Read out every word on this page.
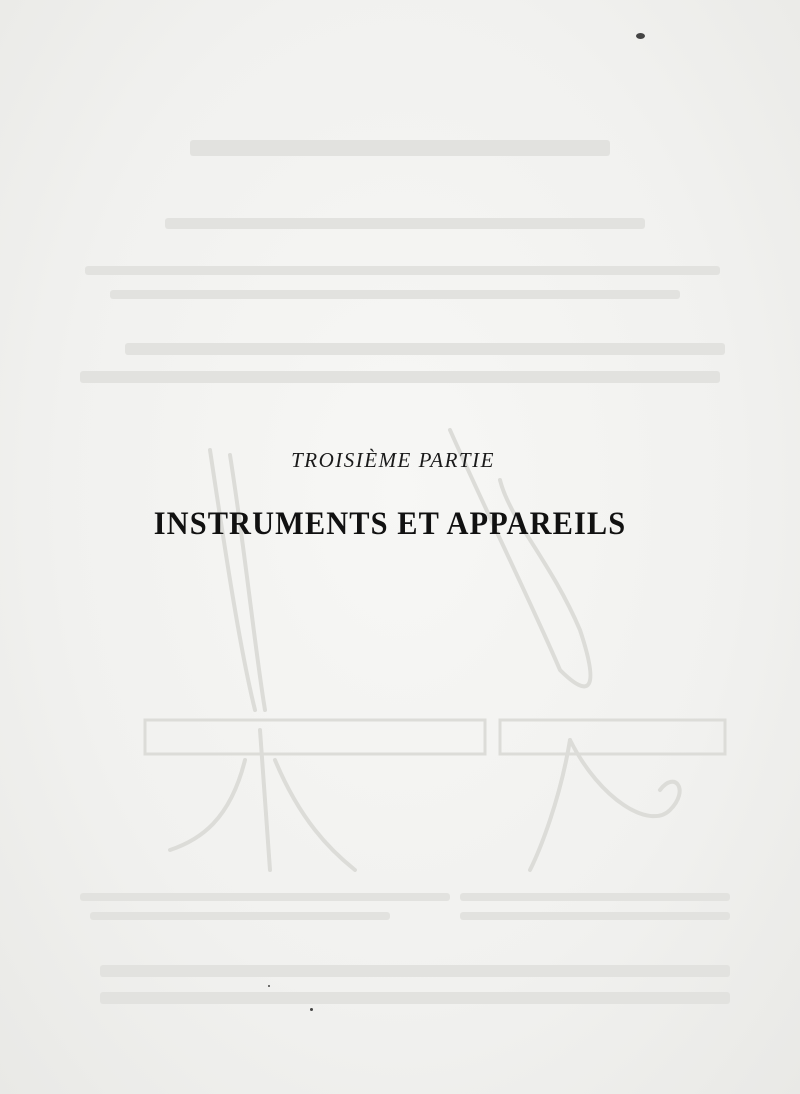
TROISIÈME PARTIE
INSTRUMENTS ET APPAREILS
